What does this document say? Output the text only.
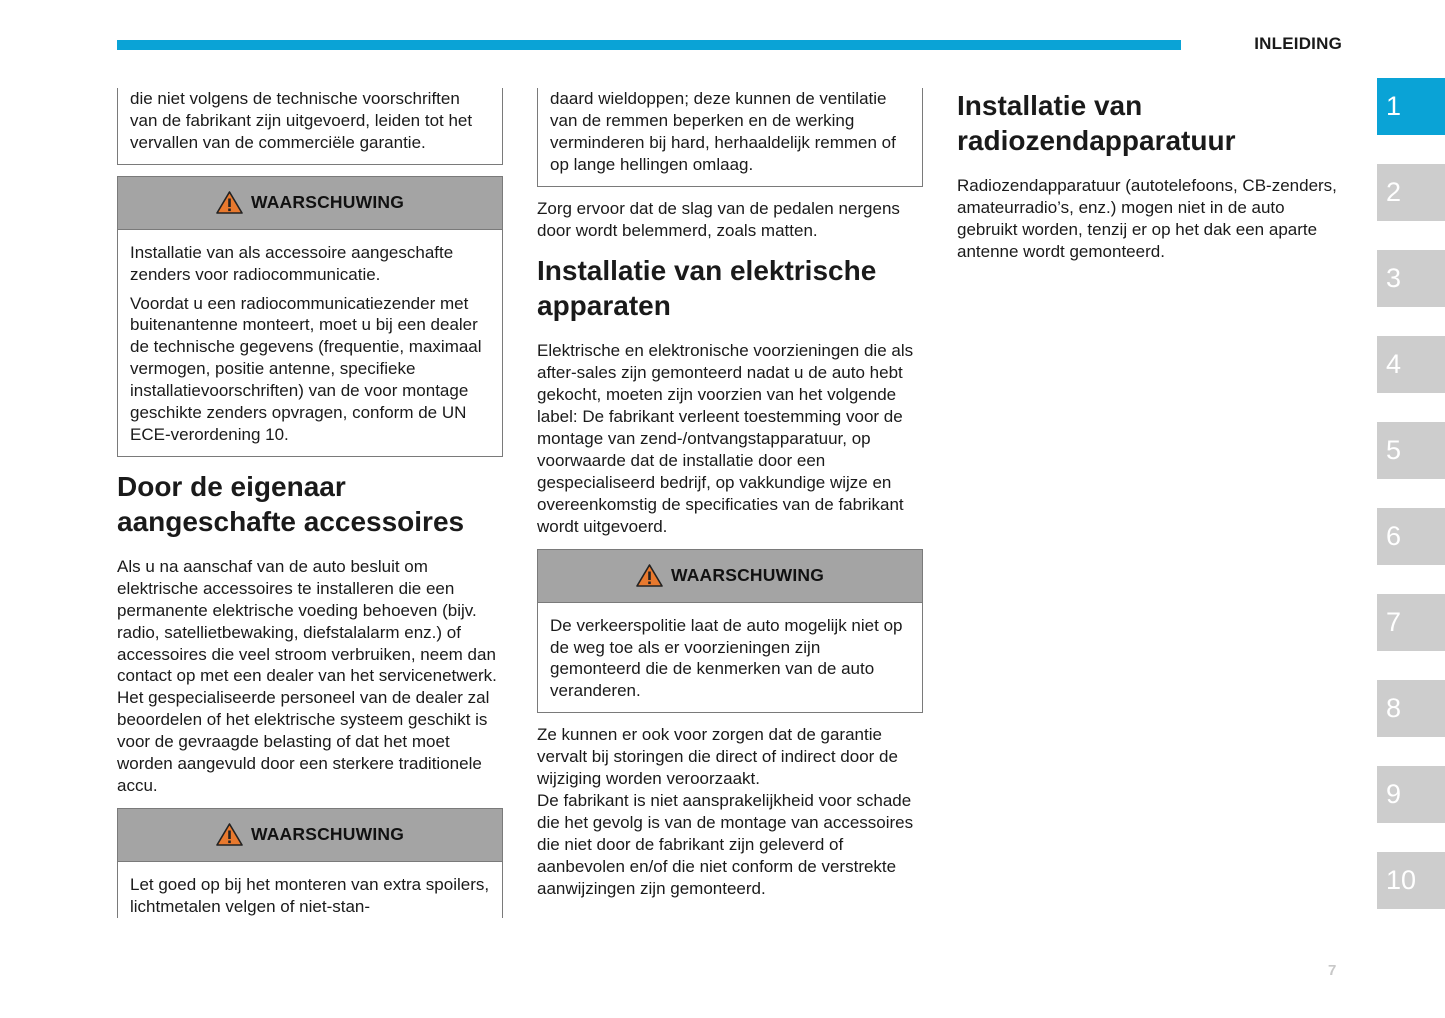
INLEIDING

die niet volgens de technische voorschriften van de fabrikant zijn uitgevoerd, leiden tot het vervallen van de commerciële garantie.

WAARSCHUWING

Installatie van als accessoire aangeschafte zenders voor radiocommunicatie.

Voordat u een radiocommunicatiezender met buitenantenne monteert, moet u bij een dealer de technische gegevens (frequentie, maximaal vermogen, positie antenne, specifieke installatievoorschriften) van de voor montage geschikte zenders opvragen, conform de UN ECE-verordening 10.

Door de eigenaar aangeschafte accessoires

Als u na aanschaf van de auto besluit om elektrische accessoires te installeren die een permanente elektrische voeding behoeven (bijv. radio, satellietbewaking, diefstalalarm enz.) of accessoires die veel stroom verbruiken, neem dan contact op met een dealer van het servicenetwerk. Het gespecialiseerde personeel van de dealer zal beoordelen of het elektrische systeem geschikt is voor de gevraagde belasting of dat het moet worden aangevuld door een sterkere traditionele accu.

WAARSCHUWING

Let goed op bij het monteren van extra spoilers, lichtmetalen velgen of niet-stan-

daard wieldoppen; deze kunnen de ventilatie van de remmen beperken en de werking verminderen bij hard, herhaaldelijk remmen of op lange hellingen omlaag.

Zorg ervoor dat de slag van de pedalen nergens door wordt belemmerd, zoals matten.

Installatie van elektrische apparaten

Elektrische en elektronische voorzieningen die als after-sales zijn gemonteerd nadat u de auto hebt gekocht, moeten zijn voorzien van het volgende label: De fabrikant verleent toestemming voor de montage van zend-/ontvangstapparatuur, op voorwaarde dat de installatie door een gespecialiseerd bedrijf, op vakkundige wijze en overeenkomstig de specificaties van de fabrikant wordt uitgevoerd.

WAARSCHUWING

De verkeerspolitie laat de auto mogelijk niet op de weg toe als er voorzieningen zijn gemonteerd die de kenmerken van de auto veranderen.

Ze kunnen er ook voor zorgen dat de garantie vervalt bij storingen die direct of indirect door de wijziging worden veroorzaakt.

De fabrikant is niet aansprakelijkheid voor schade die het gevolg is van de montage van accessoires die niet door de fabrikant zijn geleverd of aanbevolen en/of die niet conform de verstrekte aanwijzingen zijn gemonteerd.

Installatie van radiozendapparatuur

Radiozendapparatuur (autotelefoons, CB-zenders, amateurradio’s, enz.) mogen niet in de auto gebruikt worden, tenzij er op het dak een aparte antenne wordt gemonteerd.

1
2
3
4
5
6
7
8
9
10
7
